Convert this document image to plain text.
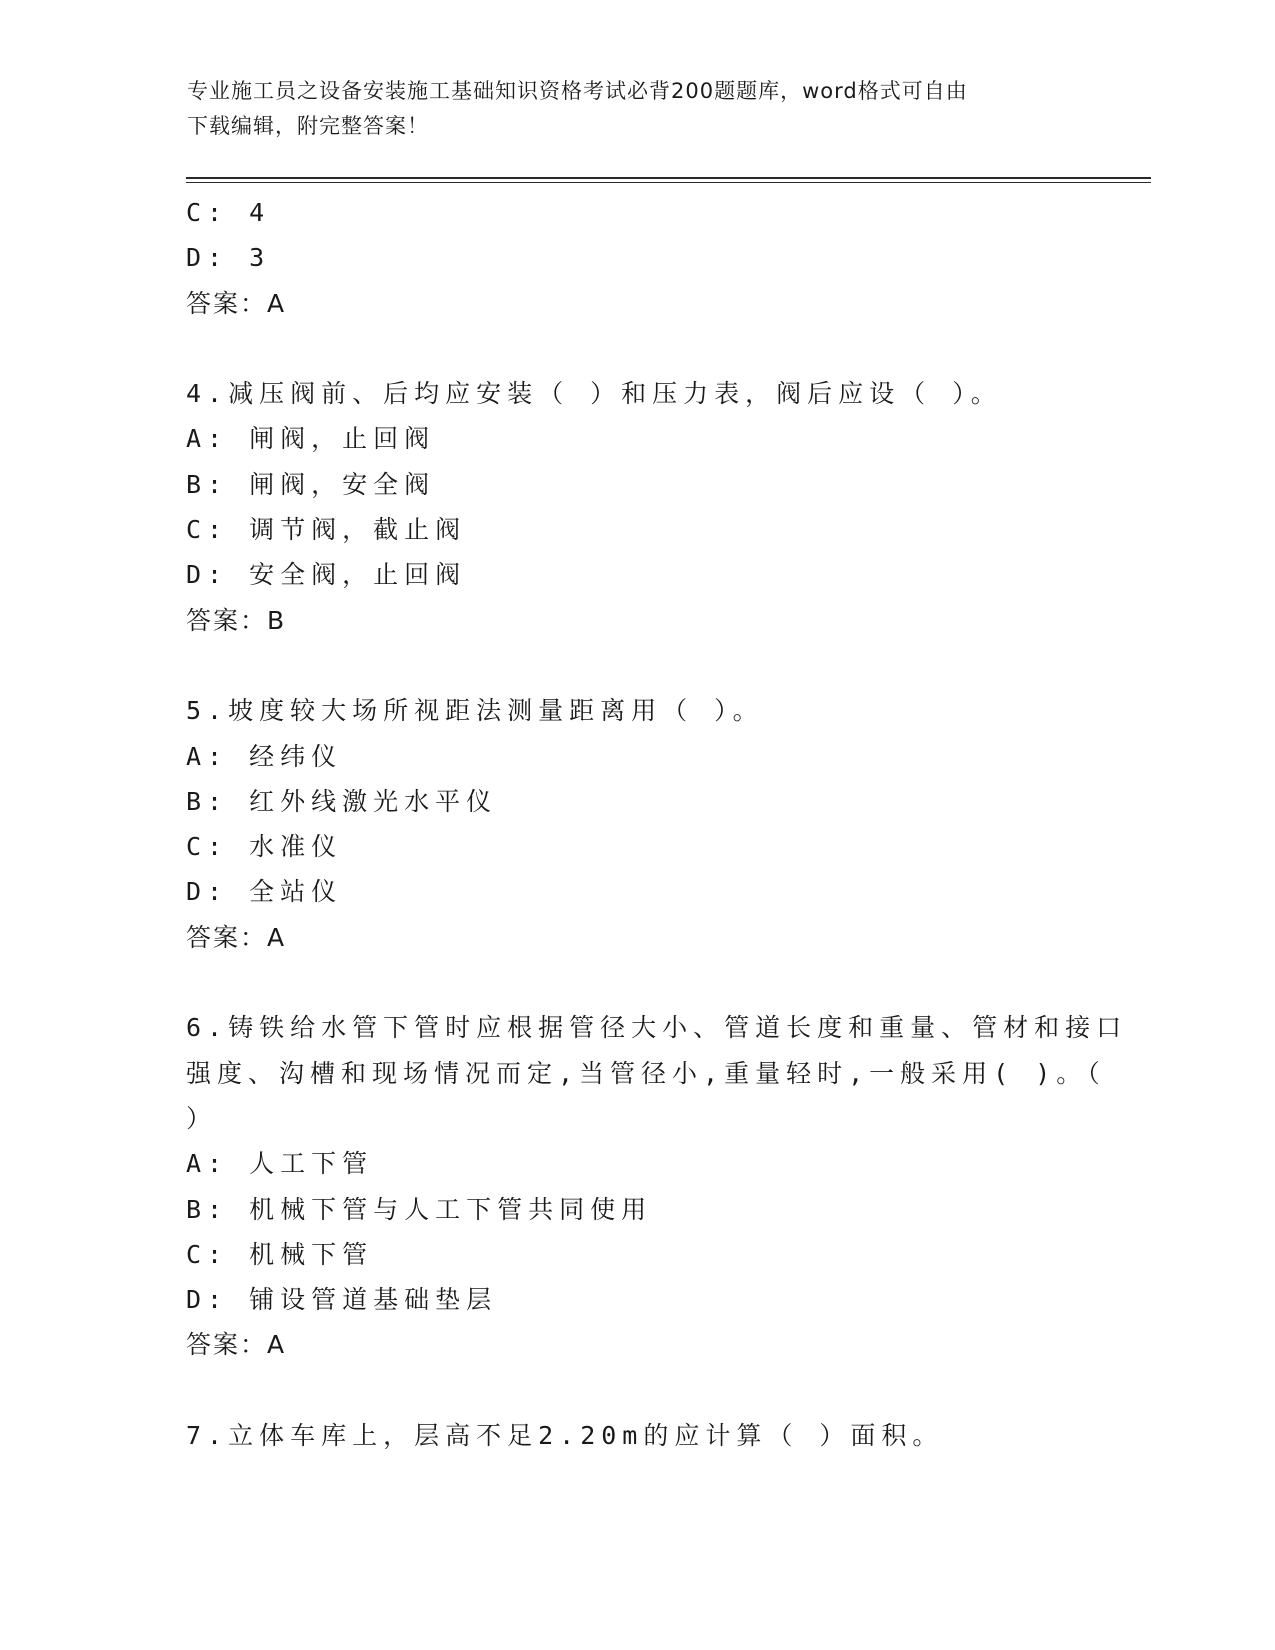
专业施工员之设备安装施工基础知识资格考试必背200题题库，word格式可自由
下载编辑，附完整答案！
C: 4
D: 3
答案：A
4.减压阀前、后均应安装（ ）和压力表，阀后应设（ ）。
A: 闸阀，止回阀
B: 闸阀，安全阀
C: 调节阀，截止阀
D: 安全阀，止回阀
答案：B
5.坡度较大场所视距法测量距离用（ ）。
A: 经纬仪
B: 红外线激光水平仪
C: 水准仪
D: 全站仪
答案：A
6.铸铁给水管下管时应根据管径大小、管道长度和重量、管材和接口
强度、沟槽和现场情况而定,当管径小,重量轻时,一般采用( )。（
）
A: 人工下管
B: 机械下管与人工下管共同使用
C: 机械下管
D: 铺设管道基础垫层
答案：A
7.立体车库上，层高不足2.20m的应计算（ ）面积。
